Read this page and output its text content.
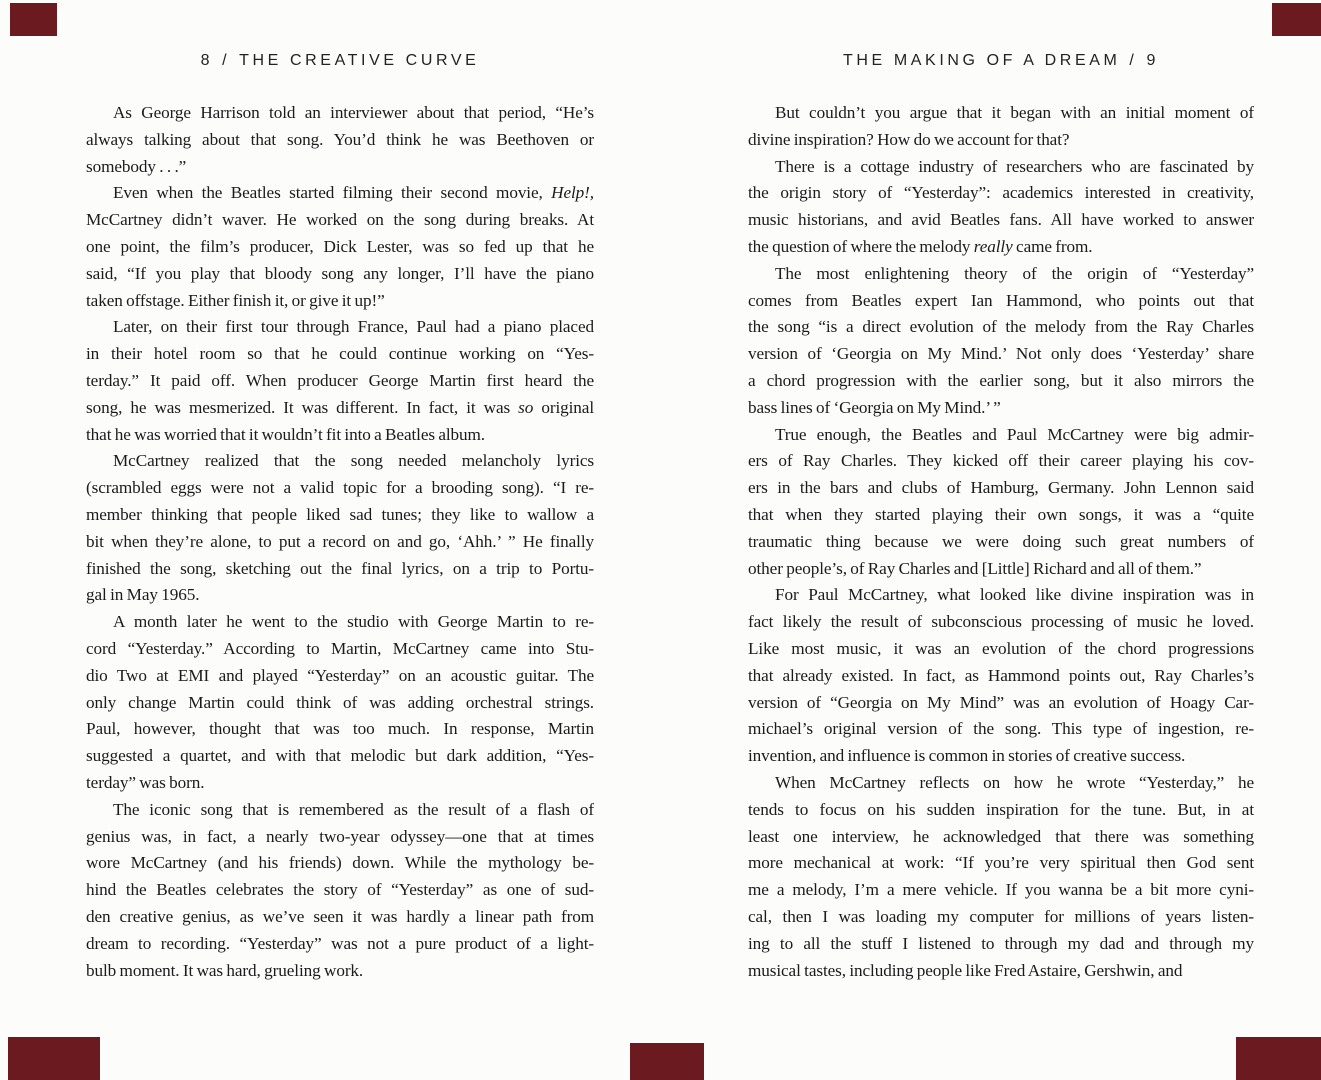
8 / THE CREATIVE CURVE	THE MAKING OF A DREAM / 9
As George Harrison told an interviewer about that period, “He’s
always talking about that song. You’d think he was Beethoven or
somebody . . .”
Even when the Beatles started filming their second movie, Help!,
McCartney didn’t waver. He worked on the song during breaks. At
one point, the film’s producer, Dick Lester, was so fed up that he
said, “If you play that bloody song any longer, I’ll have the piano
taken offstage. Either finish it, or give it up!”
Later, on their first tour through France, Paul had a piano placed
in their hotel room so that he could continue working on “Yes-
terday.” It paid off. When producer George Martin first heard the
song, he was mesmerized. It was different. In fact, it was so original
that he was worried that it wouldn’t fit into a Beatles album.
McCartney realized that the song needed melancholy lyrics
(scrambled eggs were not a valid topic for a brooding song). “I re-
member thinking that people liked sad tunes; they like to wallow a
bit when they’re alone, to put a record on and go, ‘Ahh.’ ” He finally
finished the song, sketching out the final lyrics, on a trip to Portu-
gal in May 1965.
A month later he went to the studio with George Martin to re-
cord “Yesterday.” According to Martin, McCartney came into Stu-
dio Two at EMI and played “Yesterday” on an acoustic guitar. The
only change Martin could think of was adding orchestral strings.
Paul, however, thought that was too much. In response, Martin
suggested a quartet, and with that melodic but dark addition, “Yes-
terday” was born.
The iconic song that is remembered as the result of a flash of
genius was, in fact, a nearly two-year odyssey—one that at times
wore McCartney (and his friends) down. While the mythology be-
hind the Beatles celebrates the story of “Yesterday” as one of sud-
den creative genius, as we’ve seen it was hardly a linear path from
dream to recording. “Yesterday” was not a pure product of a light-
bulb moment. It was hard, grueling work.
But couldn’t you argue that it began with an initial moment of
divine inspiration? How do we account for that?
There is a cottage industry of researchers who are fascinated by
the origin story of “Yesterday”: academics interested in creativity,
music historians, and avid Beatles fans. All have worked to answer
the question of where the melody really came from.
The most enlightening theory of the origin of “Yesterday”
comes from Beatles expert Ian Hammond, who points out that
the song “is a direct evolution of the melody from the Ray Charles
version of ‘Georgia on My Mind.’ Not only does ‘Yesterday’ share
a chord progression with the earlier song, but it also mirrors the
bass lines of ‘Georgia on My Mind.’ ”
True enough, the Beatles and Paul McCartney were big admir-
ers of Ray Charles. They kicked off their career playing his cov-
ers in the bars and clubs of Hamburg, Germany. John Lennon said
that when they started playing their own songs, it was a “quite
traumatic thing because we were doing such great numbers of
other people’s, of Ray Charles and [Little] Richard and all of them.”
For Paul McCartney, what looked like divine inspiration was in
fact likely the result of subconscious processing of music he loved.
Like most music, it was an evolution of the chord progressions
that already existed. In fact, as Hammond points out, Ray Charles’s
version of “Georgia on My Mind” was an evolution of Hoagy Car-
michael’s original version of the song. This type of ingestion, re-
invention, and influence is common in stories of creative success.
When McCartney reflects on how he wrote “Yesterday,” he
tends to focus on his sudden inspiration for the tune. But, in at
least one interview, he acknowledged that there was something
more mechanical at work: “If you’re very spiritual then God sent
me a melody, I’m a mere vehicle. If you wanna be a bit more cyni-
cal, then I was loading my computer for millions of years listen-
ing to all the stuff I listened to through my dad and through my
musical tastes, including people like Fred Astaire, Gershwin, and
